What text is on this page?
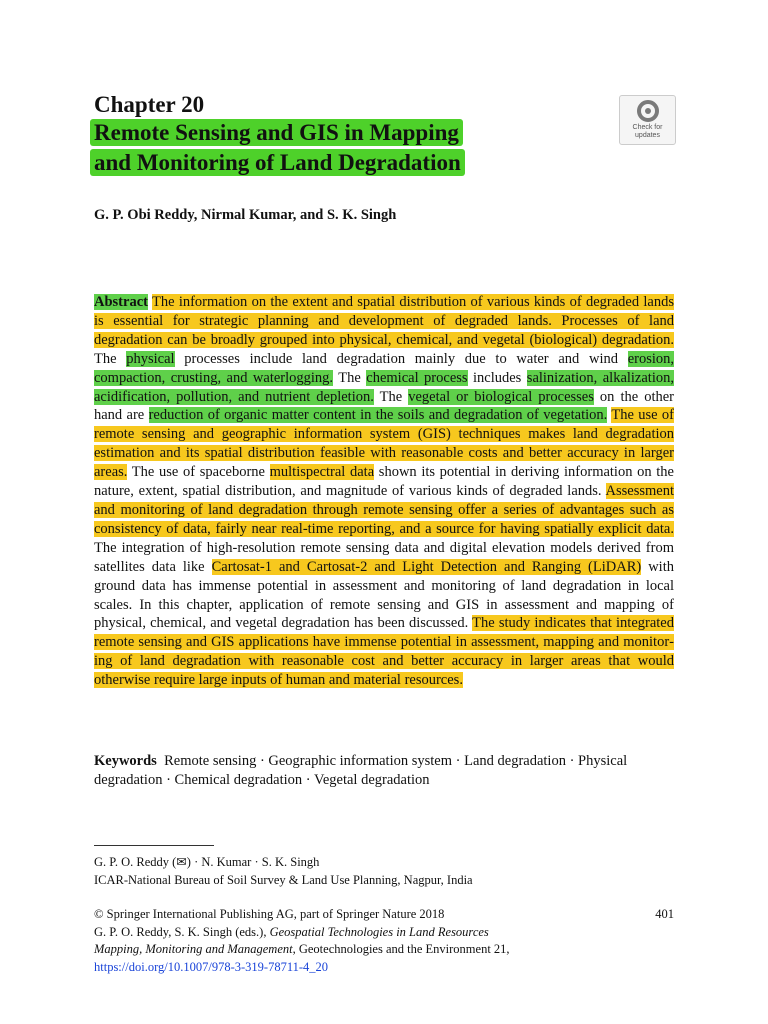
Chapter 20
Remote Sensing and GIS in Mapping
and Monitoring of Land Degradation
Check for
updates
G. P. Obi Reddy, Nirmal Kumar, and S. K. Singh
Abstract The information on the extent and spatial distribution of various kinds of degraded lands is essential for strategic planning and development of degraded lands. Processes of land degradation can be broadly grouped into physical, chemical, and vegetal (biological) degradation. The physical processes include land degradation mainly due to water and wind erosion, compaction, crusting, and waterlogging. The chemical process includes salinization, alkalization, acidification, pollution, and nutrient depletion. The vegetal or biological processes on the other hand are reduction of organic matter content in the soils and degradation of vegetation. The use of remote sensing and geographic information system (GIS) techniques makes land degradation estimation and its spatial distribution feasible with reasonable costs and better accuracy in larger areas. The use of spaceborne multispectral data shown its potential in deriving information on the nature, extent, spatial distribution, and magnitude of various kinds of degraded lands. Assessment and monitoring of land degradation through remote sensing offer a series of advantages such as consistency of data, fairly near real-time reporting, and a source for having spatially explicit data. The integration of high-resolution remote sensing data and digital elevation models derived from satellites data like Cartosat-1 and Cartosat-2 and Light Detection and Ranging (LiDAR) with ground data has immense potential in assessment and monitoring of land degradation in local scales. In this chapter, application of remote sensing and GIS in assessment and mapping of physical, chemical, and vegetal degradation has been discussed. The study indicates that integrated remote sensing and GIS applications have immense potential in assessment, mapping and monitoring of land degradation with reasonable cost and better accuracy in larger areas that would otherwise require large inputs of human and material resources.
Keywords Remote sensing · Geographic information system · Land degradation · Physical degradation · Chemical degradation · Vegetal degradation
G. P. O. Reddy (✉) · N. Kumar · S. K. Singh
ICAR-National Bureau of Soil Survey & Land Use Planning, Nagpur, India
© Springer International Publishing AG, part of Springer Nature 2018	401
G. P. O. Reddy, S. K. Singh (eds.), Geospatial Technologies in Land Resources
Mapping, Monitoring and Management, Geotechnologies and the Environment 21,
https://doi.org/10.1007/978-3-319-78711-4_20
